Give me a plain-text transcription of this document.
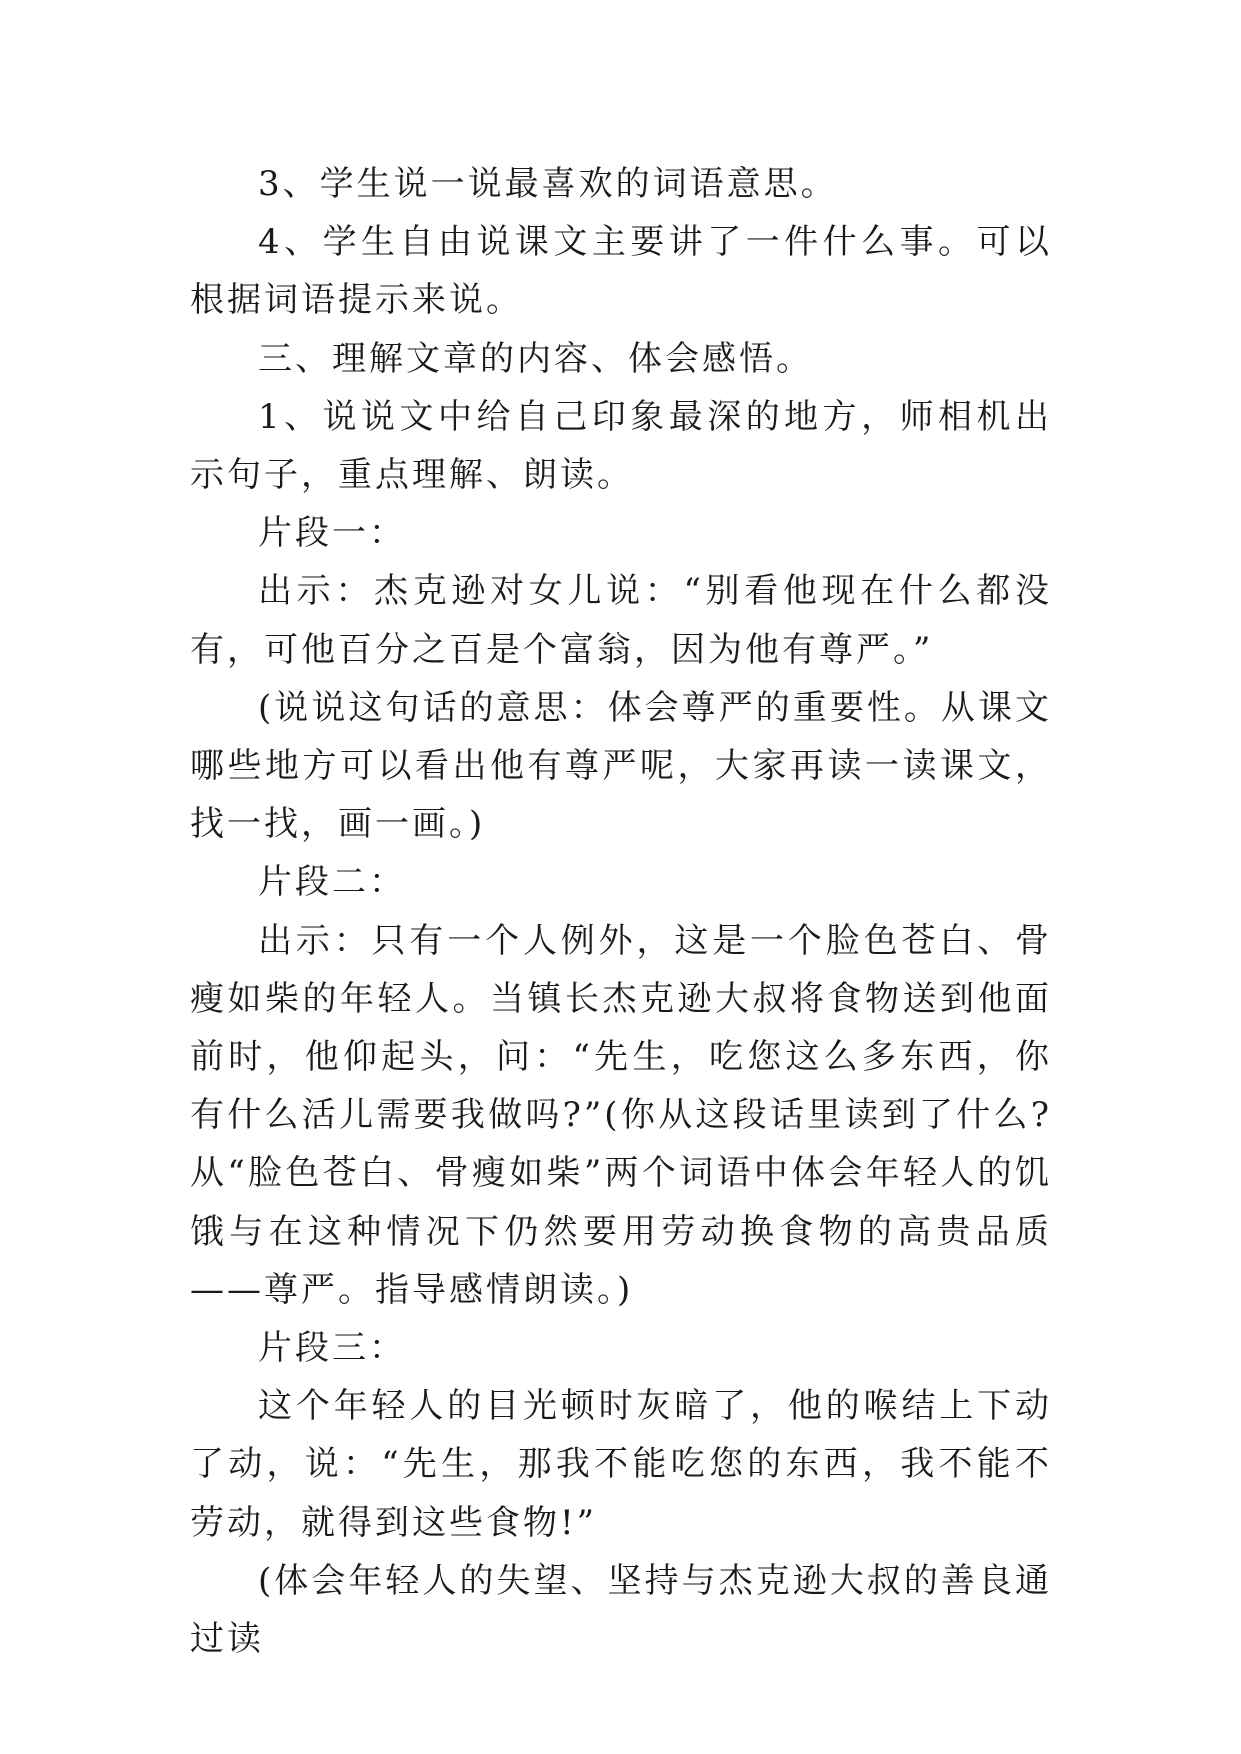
3、学生说一说最喜欢的词语意思。

4、学生自由说课文主要讲了一件什么事。可以根据词语提示来说。

三、理解文章的内容、体会感悟。

1、说说文中给自己印象最深的地方，师相机出示句子，重点理解、朗读。

片段一：

出示：杰克逊对女儿说：“别看他现在什么都没有，可他百分之百是个富翁，因为他有尊严。”

(说说这句话的意思：体会尊严的重要性。从课文哪些地方可以看出他有尊严呢，大家再读一读课文，找一找，画一画。)

片段二：

出示：只有一个人例外，这是一个脸色苍白、骨瘦如柴的年轻人。当镇长杰克逊大叔将食物送到他面前时，他仰起头，问：“先生，吃您这么多东西，你有什么活儿需要我做吗?”(你从这段话里读到了什么?从“脸色苍白、骨瘦如柴”两个词语中体会年轻人的饥饿与在这种情况下仍然要用劳动换食物的高贵品质——尊严。指导感情朗读。)

片段三：

这个年轻人的目光顿时灰暗了，他的喉结上下动了动，说：“先生，那我不能吃您的东西，我不能不劳动，就得到这些食物!”

(体会年轻人的失望、坚持与杰克逊大叔的善良通过读
